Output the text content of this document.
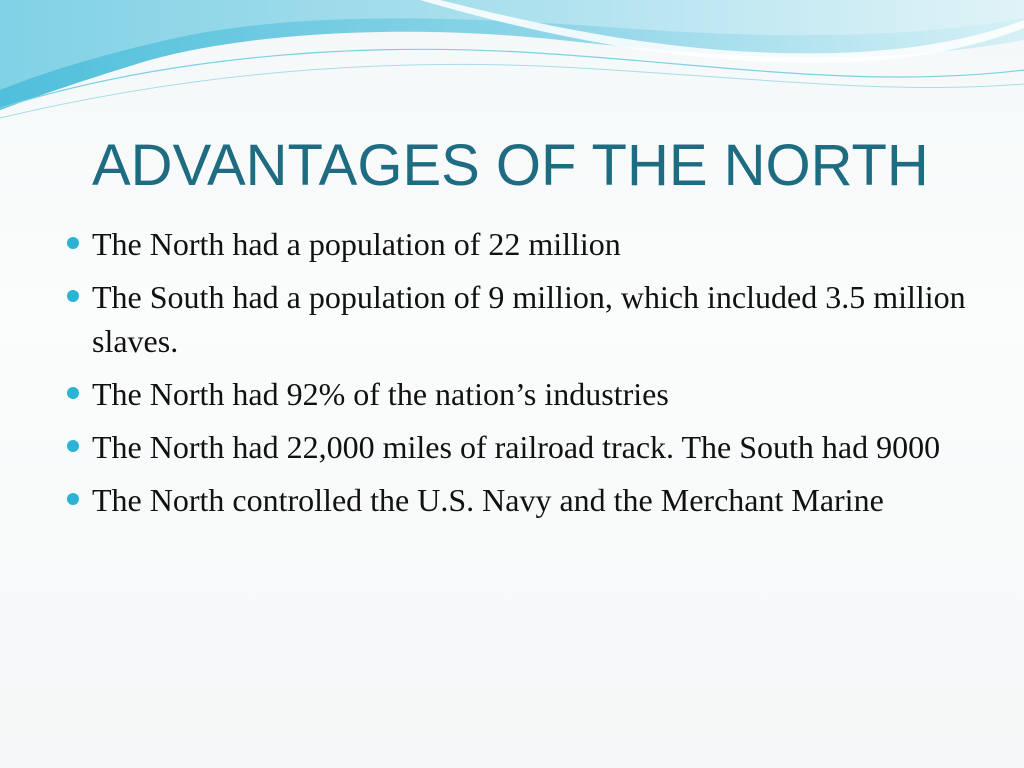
ADVANTAGES OF THE NORTH
The North had a population of 22 million
The South had a population of 9 million, which included 3.5 million slaves.
The North had 92% of the nation’s industries
The North had 22,000 miles of railroad track. The South had 9000
The North controlled the U.S. Navy and the Merchant Marine
